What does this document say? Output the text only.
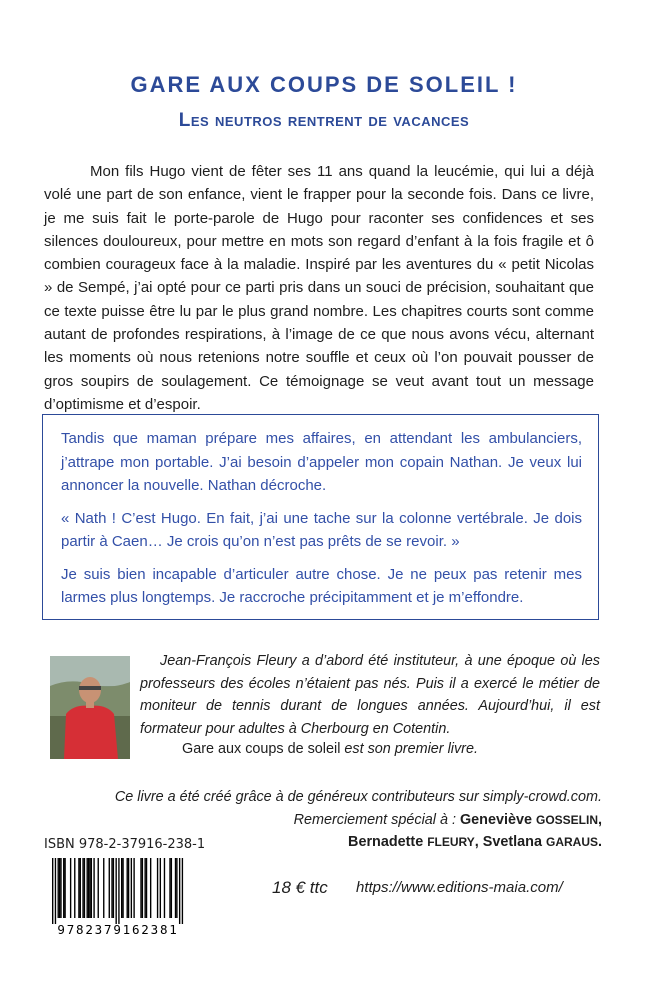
GARE AUX COUPS DE SOLEIL !
Les neutros rentrent de vacances

Mon fils Hugo vient de fêter ses 11 ans quand la leucémie, qui lui a déjà volé une part de son enfance, vient le frapper pour la seconde fois. Dans ce livre, je me suis fait le porte-parole de Hugo pour raconter ses confidences et ses silences douloureux, pour mettre en mots son regard d’enfant à la fois fragile et ô combien courageux face à la maladie. Inspiré par les aventures du « petit Nicolas » de Sempé, j’ai opté pour ce parti pris dans un souci de précision, souhaitant que ce texte puisse être lu par le plus grand nombre. Les chapitres courts sont comme autant de profondes respirations, à l’image de ce que nous avons vécu, alternant les moments où nous retenions notre souffle et ceux où l’on pouvait pousser de gros soupirs de soulagement. Ce témoignage se veut avant tout un message d’optimisme et d’espoir.

Tandis que maman prépare mes affaires, en attendant les ambulanciers, j’attrape mon portable. J’ai besoin d’appeler mon copain Nathan. Je veux lui annoncer la nouvelle. Nathan décroche.

« Nath ! C’est Hugo. En fait, j’ai une tache sur la colonne vertébrale. Je dois partir à Caen… Je crois qu’on n’est pas prêts de se revoir. »

Je suis bien incapable d’articuler autre chose. Je ne peux pas retenir mes larmes plus longtemps. Je raccroche précipitamment et je m’effondre.

Jean-François Fleury a d’abord été instituteur, à une époque où les professeurs des écoles n’étaient pas nés. Puis il a exercé le métier de moniteur de tennis durant de longues années. Aujourd’hui, il est formateur pour adultes à Cherbourg en Cotentin.

Gare aux coups de soleil est son premier livre.

Ce livre a été créé grâce à de généreux contributeurs sur simply-crowd.com.
Remerciement spécial à : Geneviève GOSSELIN,
Bernadette FLEURY, Svetlana GARAUS.
ISBN 978-2-37916-238-1
9782379162381
18 € ttc https://www.editions-maia.com/
